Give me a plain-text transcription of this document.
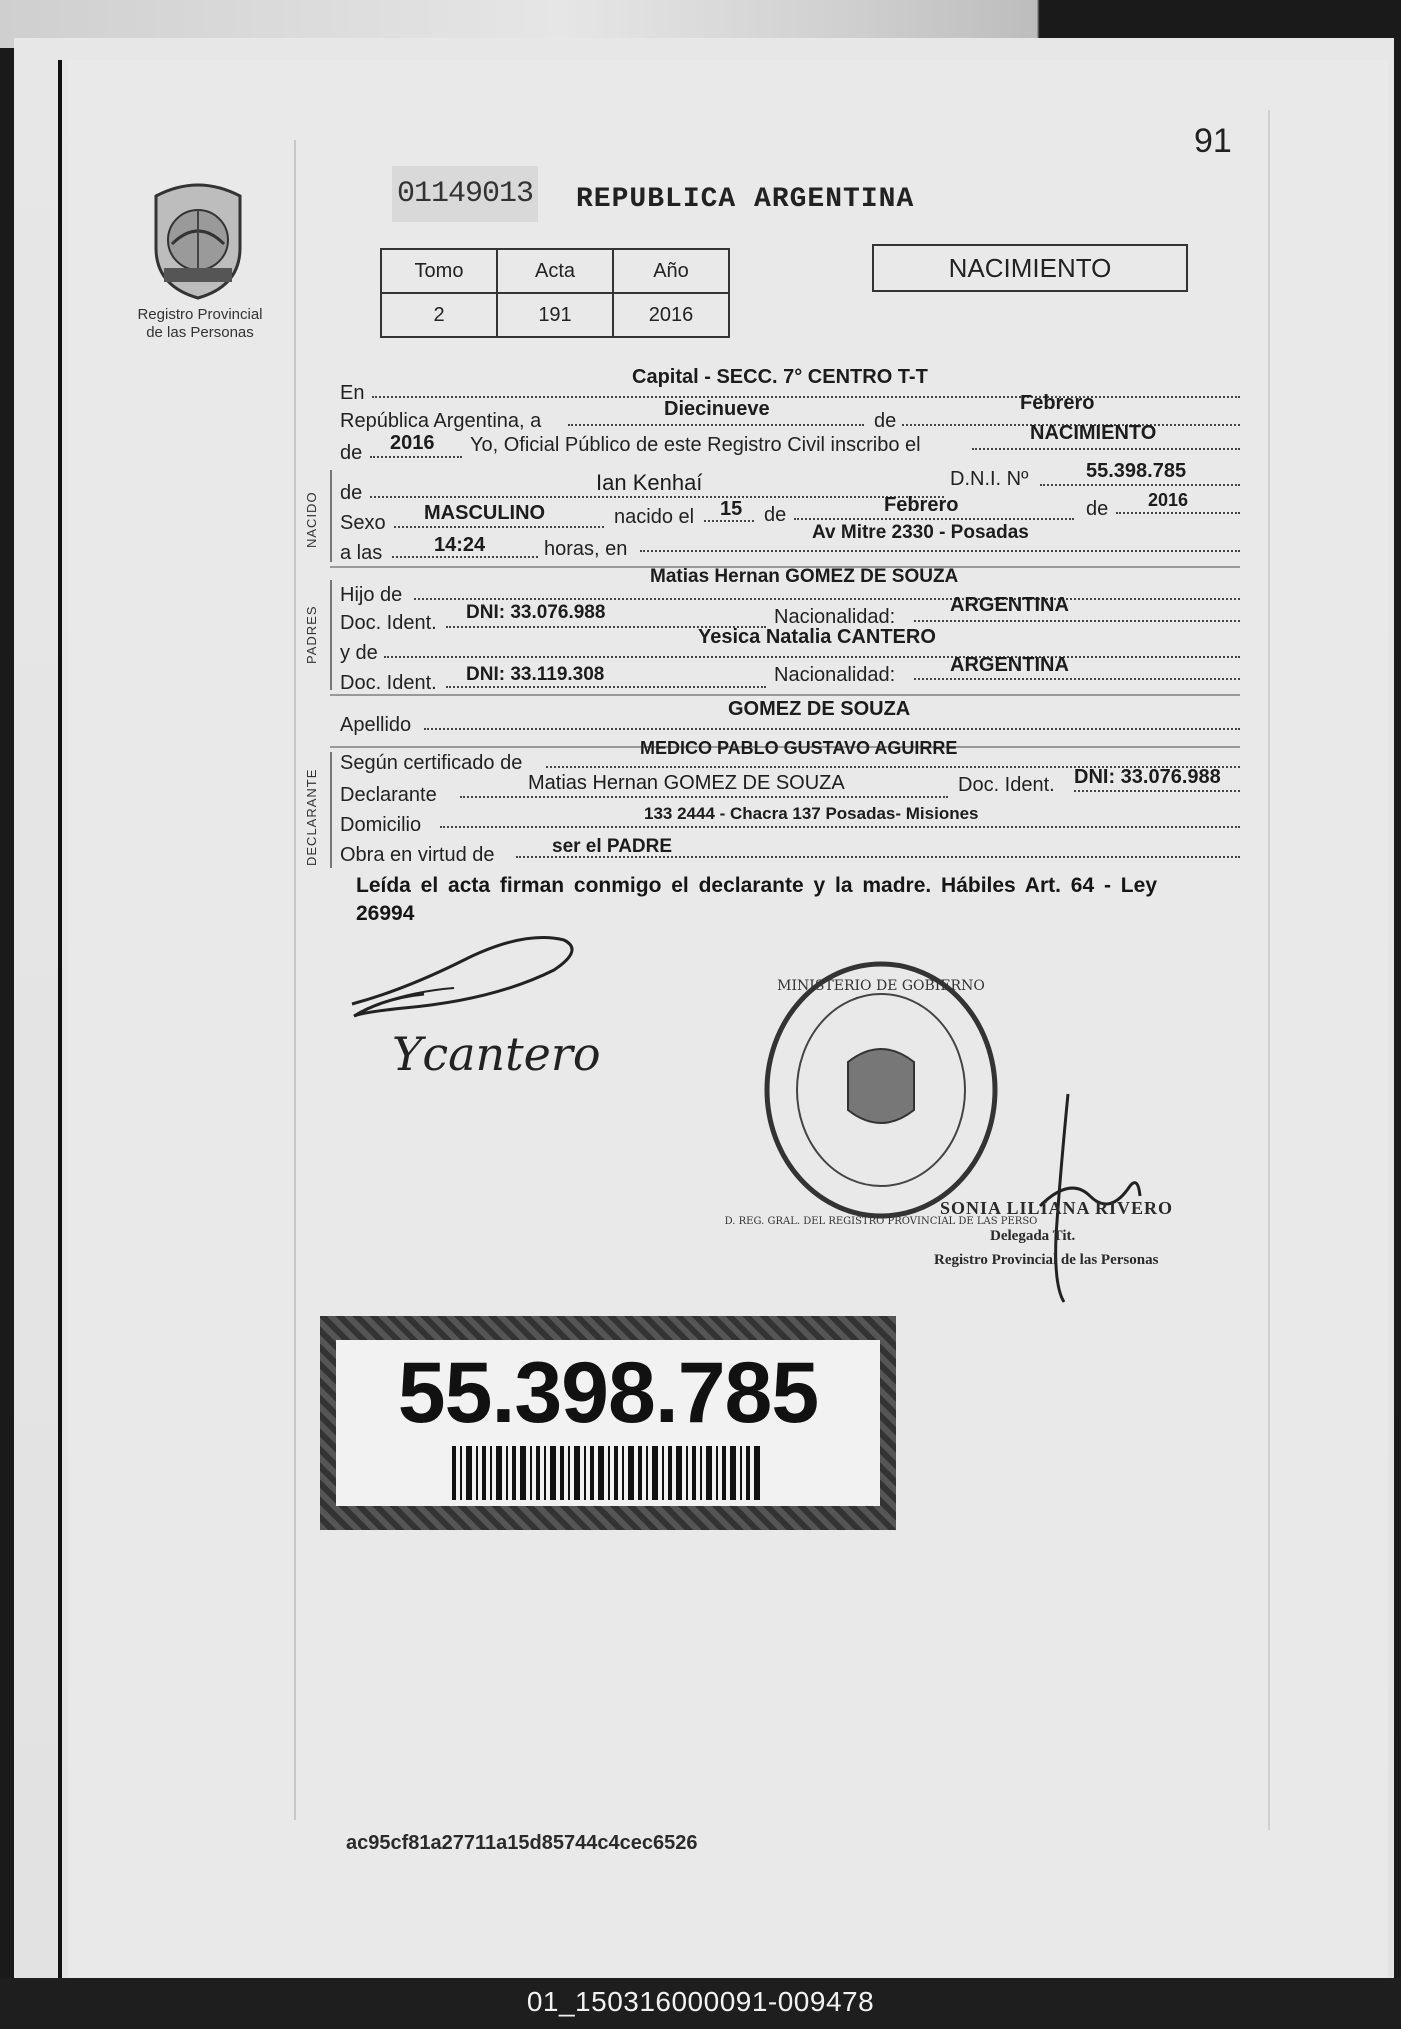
91
Registro Provincial
de las Personas
01149013 REPUBLICA ARGENTINA
Tomo	Acta	Año
2	191	2016
NACIMIENTO
En
Capital - SECC. 7° CENTRO T-T
República Argentina, a
Diecinueve
de
Febrero
de 2016 Yo, Oficial Público de este Registro Civil inscribo el
NACIMIENTO
NACIDO de	Ian Kenhaí	D.N.I. Nº	55.398.785
Sexo MASCULINO	nacido el 15 de	Febrero	de 2016
a las	14:24	horas, en
Av Mitre 2330 - Posadas
PADRES
Hijo de
Matias Hernan GOMEZ DE SOUZA
Doc. Ident. DNI: 33.076.988	Nacionalidad:
ARGENTINA
y de
Yesica Natalia CANTERO
Doc. Ident. DNI: 33.119.308	Nacionalidad:	ARGENTINA
Apellido
GOMEZ DE SOUZA
DECLARANTE
Según certificado de
MEDICO PABLO GUSTAVO AGUIRRE
Declarante
Matias Hernan GOMEZ DE SOUZA	Doc. Ident. DNI: 33.076.988
Domicilio
133 2444 - Chacra 137 Posadas- Misiones
Obra en virtud de	ser el PADRE
Leída el acta firman conmigo el declarante y la madre. Hábiles Art. 64 - Ley 26994
Ycantero
MINISTERIO DE GOBIERNO
D. REG. GRAL. DEL REGISTRO PROVINCIAL DE LAS PERSO
SONIA LILIANA RIVERO
Delegada Tit.
Registro Provincial de las Personas
55.398.785
ac95cf81a27711a15d85744c4cec6526
01_150316000091-009478
